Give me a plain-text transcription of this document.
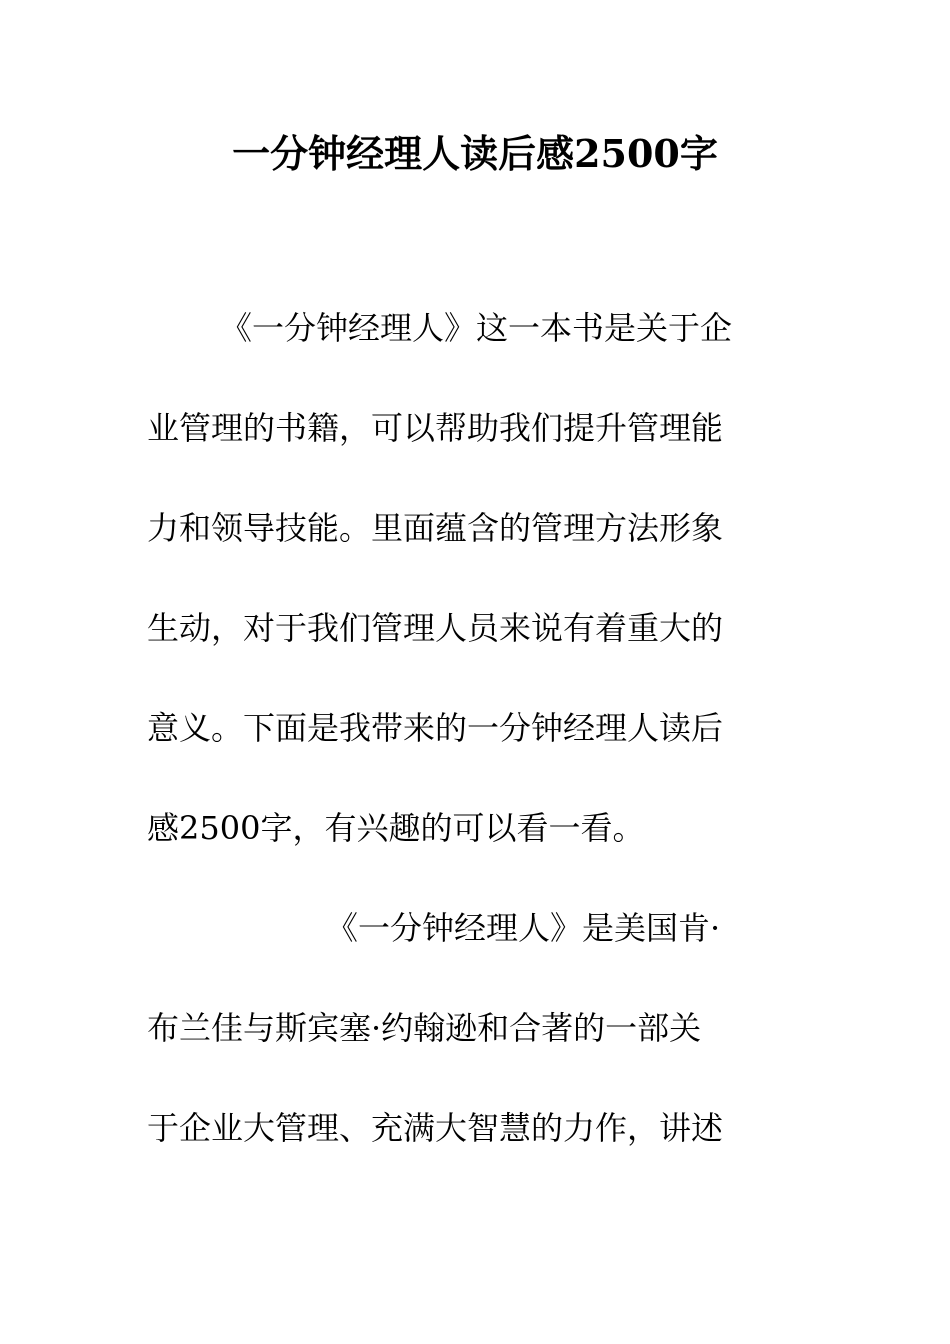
一分钟经理人读后感2500字
《一分钟经理人》这一本书是关于企
业管理的书籍，可以帮助我们提升管理能
力和领导技能。里面蕴含的管理方法形象
生动，对于我们管理人员来说有着重大的
意义。下面是我带来的一分钟经理人读后
感2500字，有兴趣的可以看一看。
《一分钟经理人》是美国肯·
布兰佳与斯宾塞·约翰逊和合著的一部关
于企业大管理、充满大智慧的力作，讲述
